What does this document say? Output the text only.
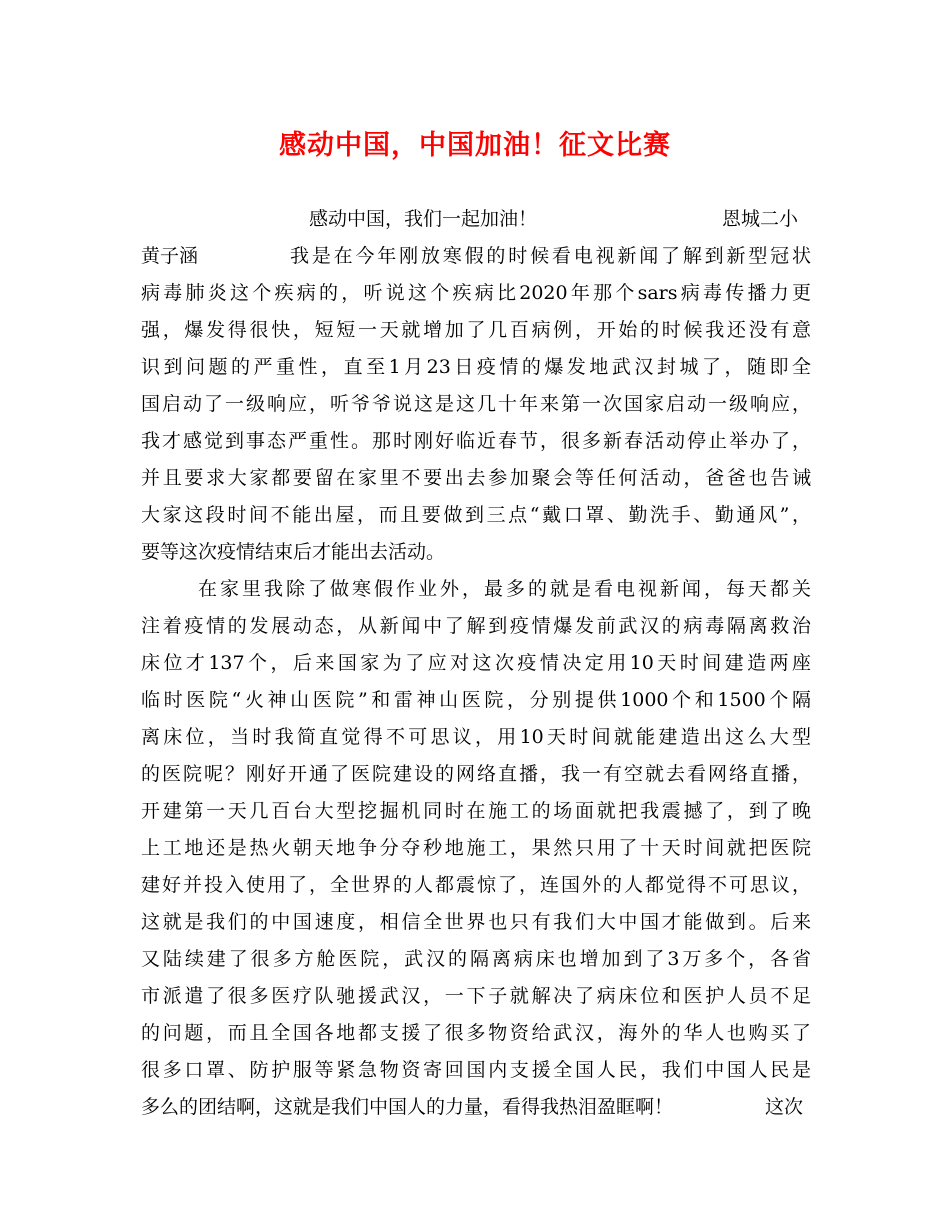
感动中国，中国加油！征文比赛
感动中国，我们一起加油！	恩城二小
黄子涵	我是在今年刚放寒假的时候看电视新闻了解到新型冠状
病毒肺炎这个疾病的，听说这个疾病比2020年那个sars病毒传播力更
强，爆发得很快，短短一天就增加了几百病例，开始的时候我还没有意
识到问题的严重性，直至1月23日疫情的爆发地武汉封城了，随即全
国启动了一级响应，听爷爷说这是这几十年来第一次国家启动一级响应，
我才感觉到事态严重性。那时刚好临近春节，很多新春活动停止举办了，
并且要求大家都要留在家里不要出去参加聚会等任何活动，爸爸也告诫
大家这段时间不能出屋，而且要做到三点“戴口罩、勤洗手、勤通风”，
要等这次疫情结束后才能出去活动。
在家里我除了做寒假作业外，最多的就是看电视新闻，每天都关
注着疫情的发展动态，从新闻中了解到疫情爆发前武汉的病毒隔离救治
床位才137个，后来国家为了应对这次疫情决定用10天时间建造两座
临时医院“火神山医院”和雷神山医院，分别提供1000个和1500个隔
离床位，当时我简直觉得不可思议，用10天时间就能建造出这么大型
的医院呢？刚好开通了医院建设的网络直播，我一有空就去看网络直播，
开建第一天几百台大型挖掘机同时在施工的场面就把我震撼了，到了晚
上工地还是热火朝天地争分夺秒地施工，果然只用了十天时间就把医院
建好并投入使用了，全世界的人都震惊了，连国外的人都觉得不可思议，
这就是我们的中国速度，相信全世界也只有我们大中国才能做到。后来
又陆续建了很多方舱医院，武汉的隔离病床也增加到了3万多个，各省
市派遣了很多医疗队驰援武汉，一下子就解决了病床位和医护人员不足
的问题，而且全国各地都支援了很多物资给武汉，海外的华人也购买了
很多口罩、防护服等紧急物资寄回国内支援全国人民，我们中国人民是
多么的团结啊，这就是我们中国人的力量，看得我热泪盈眶啊！	这次
